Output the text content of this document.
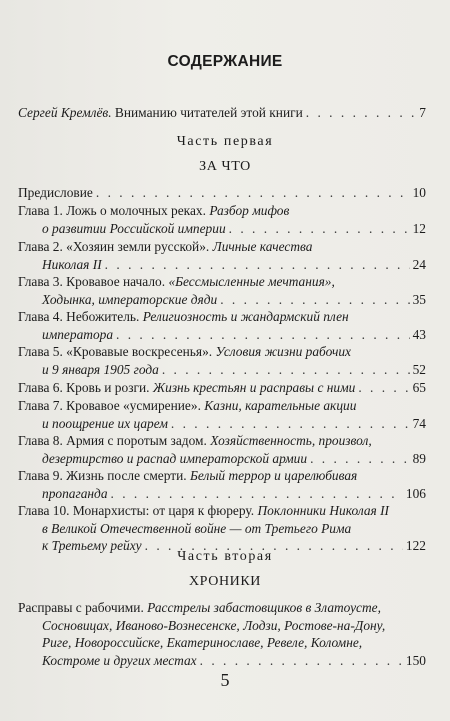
СОДЕРЖАНИЕ
Сергей Кремлёв.
Вниманию читателей этой книги . . .	7
Часть первая
ЗА ЧТО
Предисловие . . .	10
Глава 1. Ложь о молочных реках.
Разбор мифов
о развитии Российской империи . . .	12
Глава 2. «Хозяин земли русской».
Личные качества
Николая II . . .	24
Глава 3. Кровавое начало.
«Бессмысленные мечтания»,
Ходынка, императорские дяди . . .	35
Глава 4. Небожитель.
Религиозность и жандармский плен
императора . . .	43
Глава 5. «Кровавые воскресенья».
Условия жизни рабочих
и 9 января 1905 года . . .	52
Глава 6. Кровь и розги.
Жизнь крестьян и расправы с ними . . .	65
Глава 7. Кровавое «усмирение».
Казни, карательные акции
и поощрение их царем . . .	74
Глава 8. Армия с поротым задом.
Хозяйственность, произвол,
дезертирство и распад императорской армии . . .	89
Глава 9. Жизнь после смерти.
Белый террор и царелюбивая
пропаганда . . .	106
Глава 10. Монархисты: от царя к фюреру.
Поклонники Николая II
в Великой Отечественной войне — от Третьего Рима
к Третьему рейху . . .	122
Часть вторая
ХРОНИКИ
Расправы с рабочими.
Расстрелы забастовщиков в Златоусте,
Сосновицах, Иваново-Вознесенске, Лодзи, Ростове-на-Дону,
Риге, Новороссийске, Екатеринославе, Ревеле, Коломне,
Костроме и других местах . . .	150
5
